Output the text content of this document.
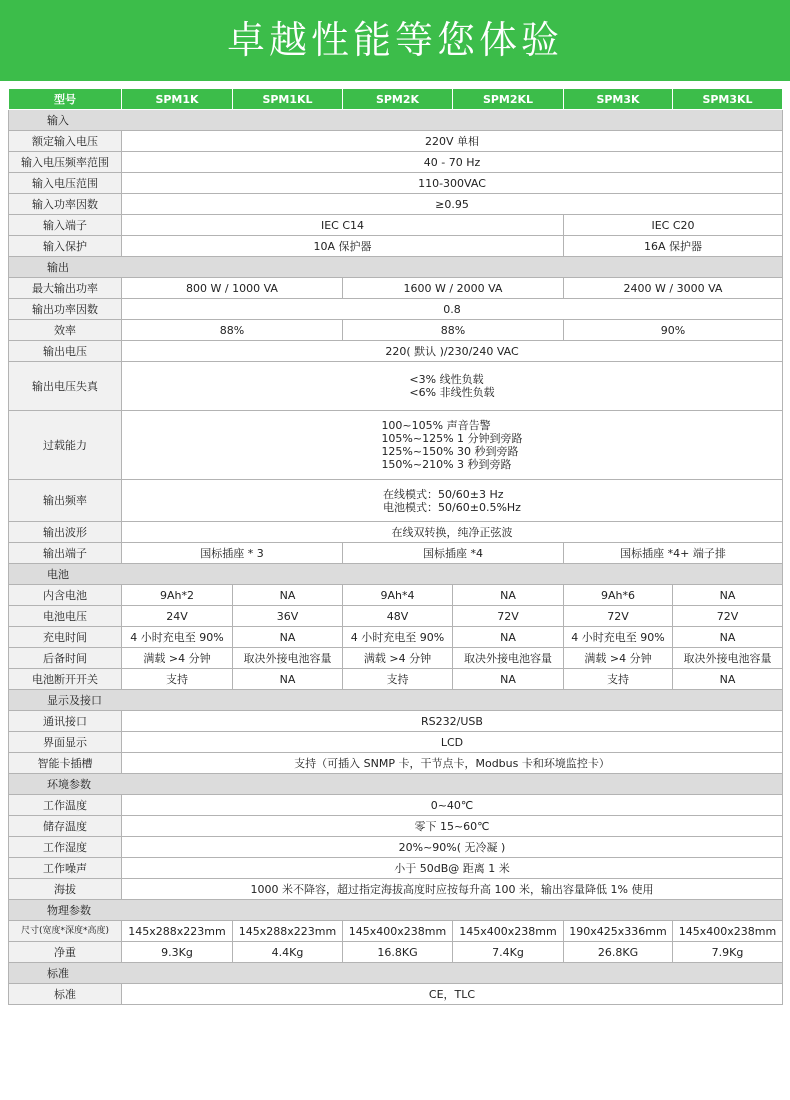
卓越性能等您体验
型号	SPM1K	SPM1KL	SPM2K	SPM2KL	SPM3K	SPM3KL
输入						
额定输入电压	220V 单相					
输入电压频率范围	40 - 70 Hz					
输入电压范围	110-300VAC					
输入功率因数	≥0.95					
输入端子	IEC C14				IEC C20	
输入保护	10A 保护器				16A 保护器	
输出						
最大输出功率	800 W / 1000 VA		1600 W / 2000 VA		2400 W / 3000 VA	
输出功率因数	0.8					
效率	88%		88%		90%	
输出电压	220( 默认 )/230/240 VAC					
输出电压失真	<3% 线性负载
<6% 非线性负载					
过载能力	100~105% 声音告警
105%~125% 1 分钟到旁路
125%~150% 30 秒到旁路
150%~210% 3 秒到旁路					
输出频率	在线模式：50/60±3 Hz
电池模式：50/60±0.5%Hz					
输出波形	在线双转换，纯净正弦波					
输出端子	国标插座 * 3		国标插座 *4		国标插座 *4+ 端子排	
电池						
内含电池	9Ah*2	NA	9Ah*4	NA	9Ah*6	NA
电池电压	24V	36V	48V	72V	72V	72V
充电时间	4 小时充电至 90%	NA	4 小时充电至 90%	NA	4 小时充电至 90%	NA
后备时间	满载 >4 分钟	取决外接电池容量	满载 >4 分钟	取决外接电池容量	满载 >4 分钟	取决外接电池容量
电池断开开关	支持	NA	支持	NA	支持	NA
显示及接口						
通讯接口	RS232/USB					
界面显示	LCD					
智能卡插槽	支持（可插入 SNMP 卡，干节点卡，Modbus 卡和环境监控卡）					
环境参数						
工作温度	0~40℃					
储存温度	零下 15~60℃					
工作湿度	20%~90%( 无冷凝 )					
工作噪声	小于 50dB@ 距离 1 米					
海拔	1000 米不降容，超过指定海拔高度时应按每升高 100 米，输出容量降低 1% 使用					
物理参数						
尺寸(宽度*深度*高度)	145x288x223mm	145x288x223mm	145x400x238mm	145x400x238mm	190x425x336mm	145x400x238mm
净重	9.3Kg	4.4Kg	16.8KG	7.4Kg	26.8KG	7.9Kg
标准						
标准	CE，TLC					
